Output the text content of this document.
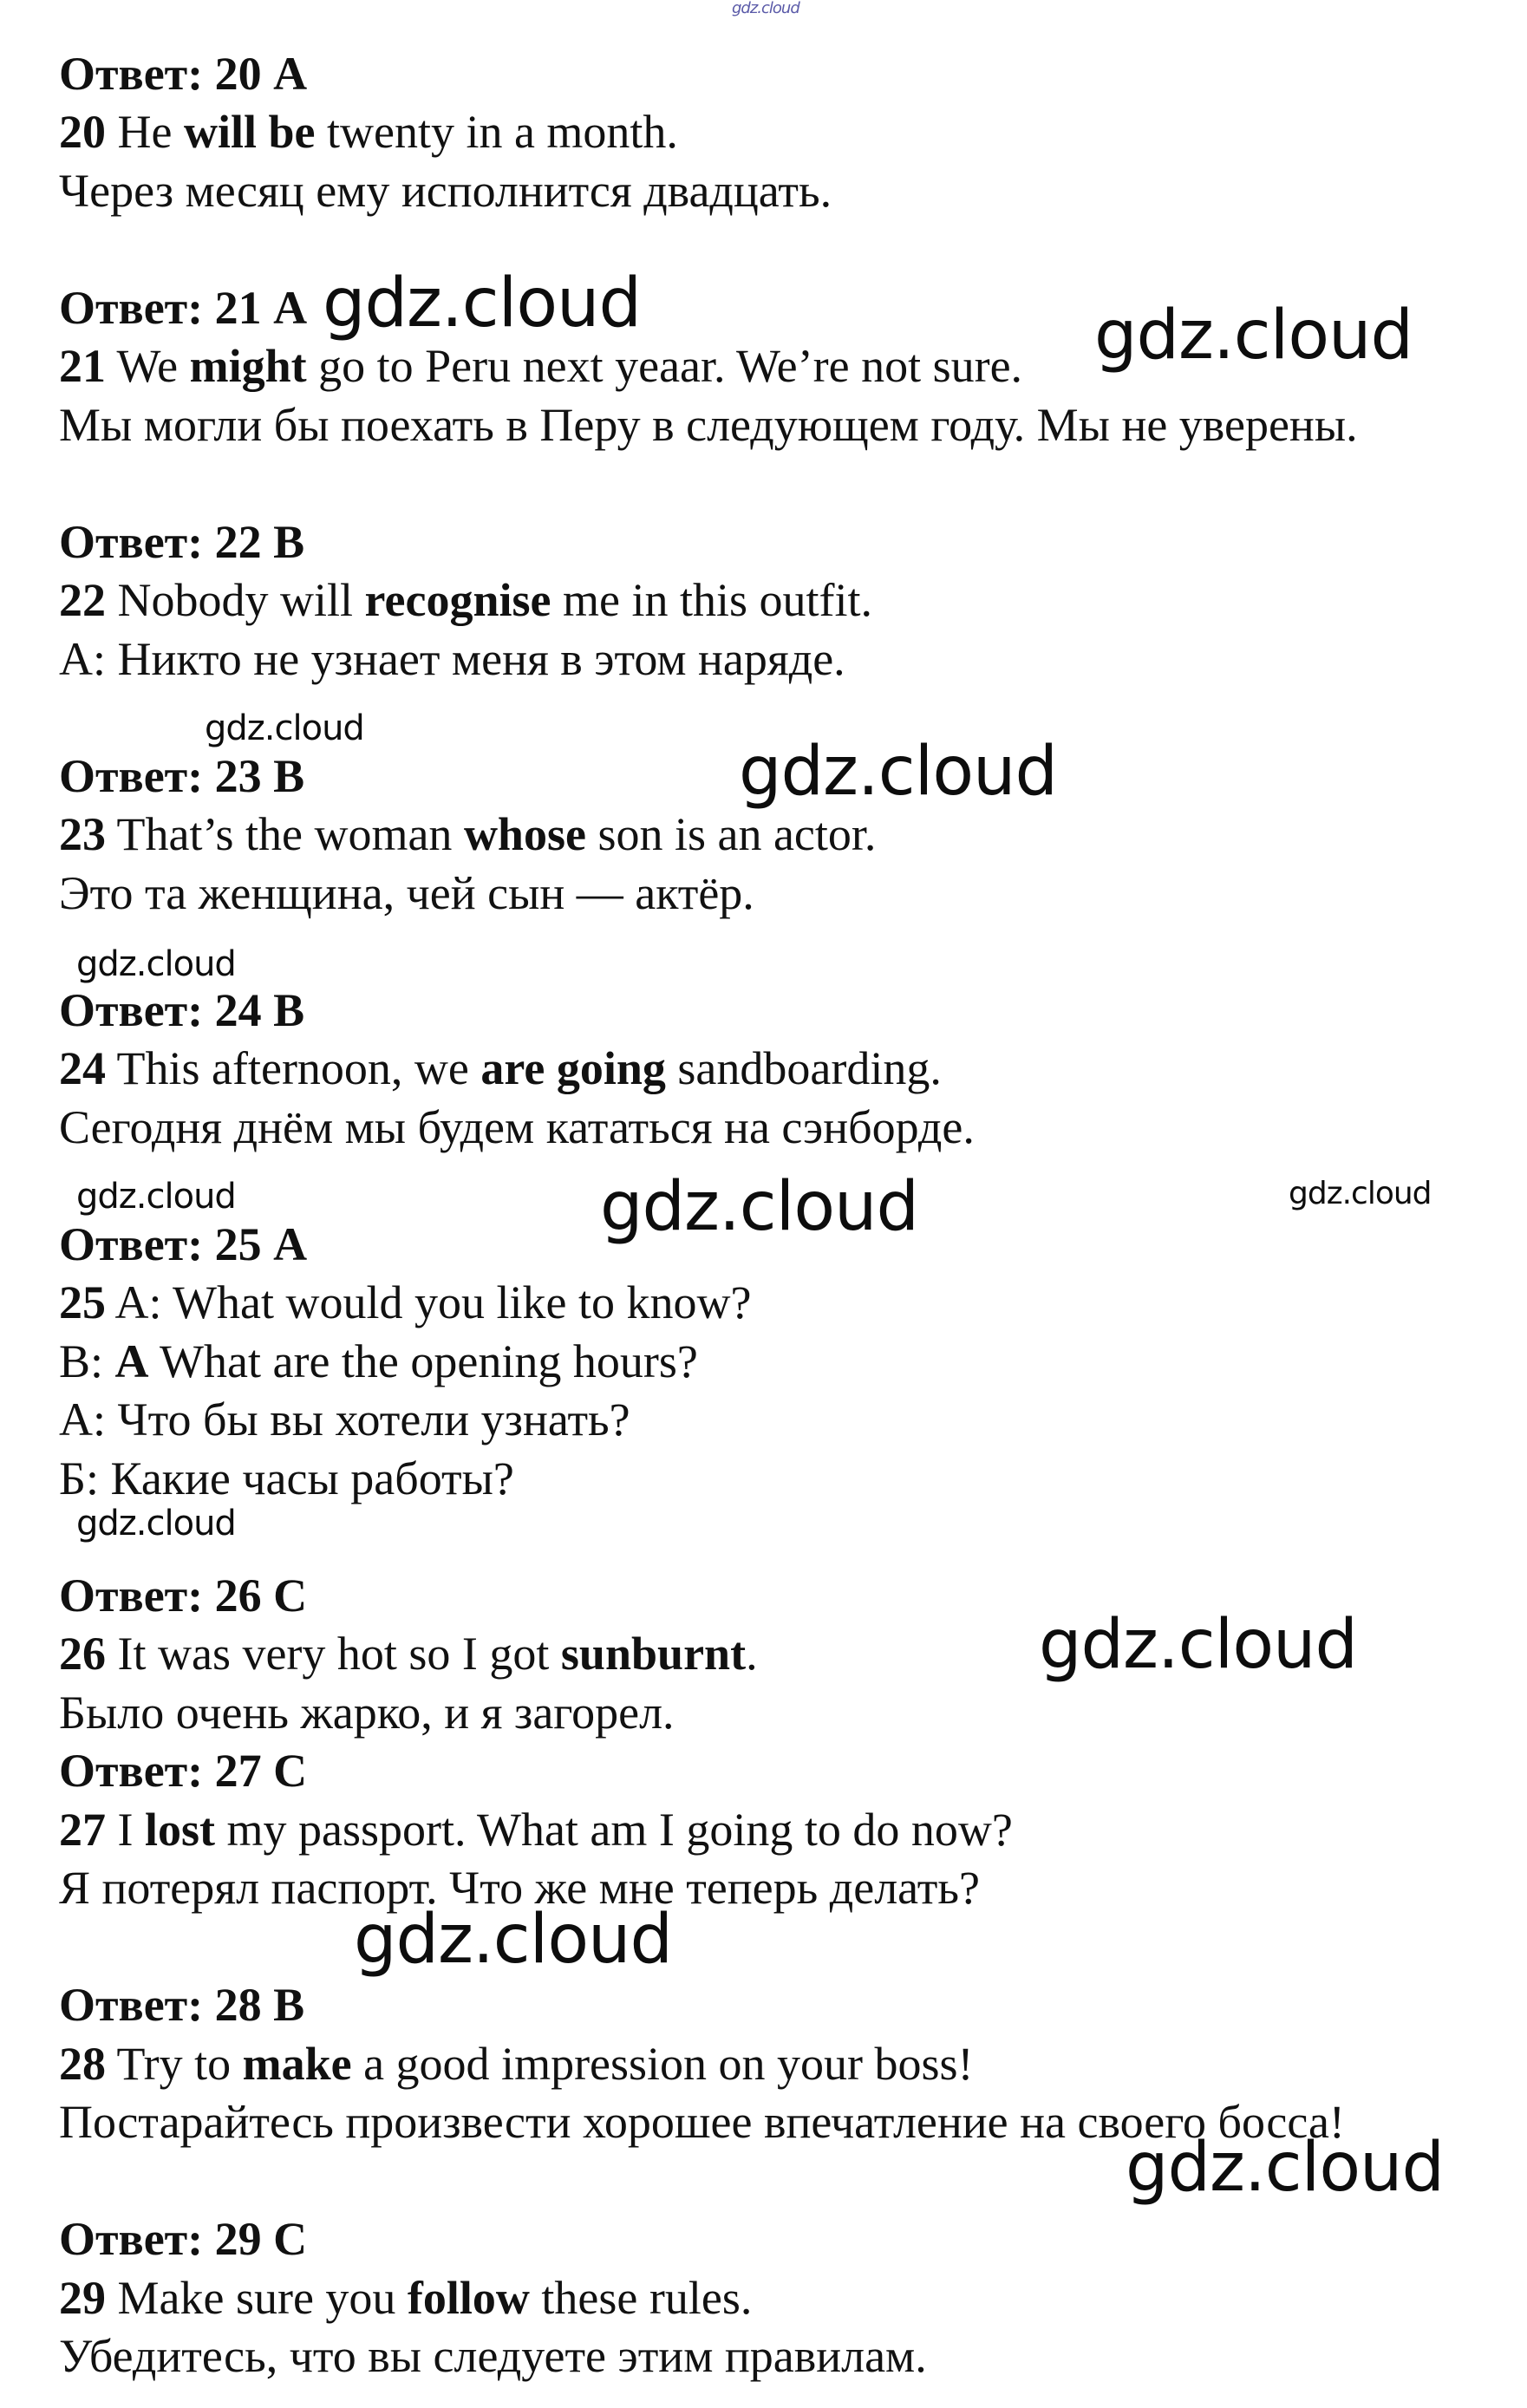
gdz.cloud
Ответ: 20 A
20 He will be twenty in a month.
Через месяц ему исполнится двадцать.
Ответ: 21 A
21 We might go to Peru next yeaar. We’re not sure.
Мы могли бы поехать в Перу в следующем году. Мы не уверены.
Ответ: 22 B
22 Nobody will recognise me in this outfit.
A: Никто не узнает меня в этом наряде.
Ответ: 23 B
23 That’s the woman whose son is an actor.
Это та женщина, чей сын — актёр.
Ответ: 24 B
24 This afternoon, we are going sandboarding.
Сегодня днём мы будем кататься на сэнборде.
Ответ: 25 A
25 A: What would you like to know?
B: A What are the opening hours?
А: Что бы вы хотели узнать?
Б: Какие часы работы?
Ответ: 26 C
26 It was very hot so I got sunburnt.
Было очень жарко, и я загорел.
Ответ: 27 C
27 I lost my passport. What am I going to do now?
Я потерял паспорт. Что же мне теперь делать?
Ответ: 28 B
28 Try to make a good impression on your boss!
Постарайтесь произвести хорошее впечатление на своего босса!
Ответ: 29 C
29 Make sure you follow these rules.
Убедитесь, что вы следуете этим правилам.
gdz.cloud	gdz.cloud
gdz.cloud
gdz.cloud
gdz.cloud
gdz.cloud	gdz.cloud	gdz.cloud
gdz.cloud
gdz.cloud
gdz.cloud
gdz.cloud
